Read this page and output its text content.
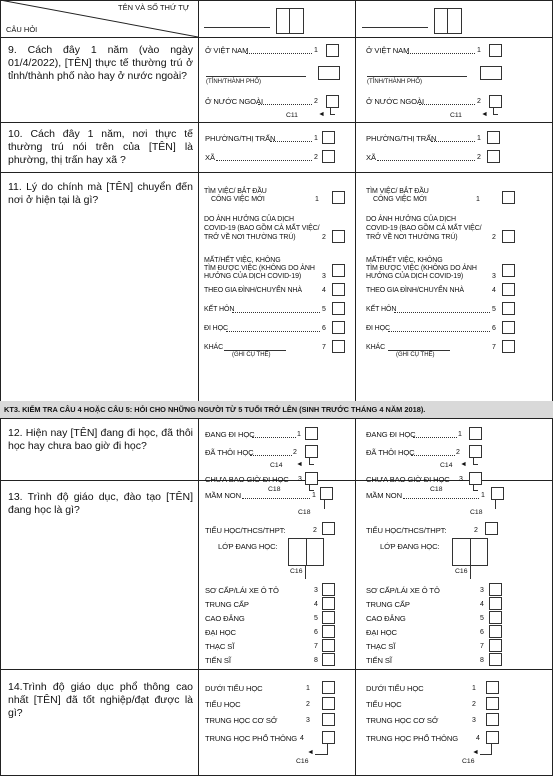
TÊN VÀ SỐ THỨ TỰ
CÂU HỎI
9. Cách đây 1 năm (vào ngày 01/4/2022), [TÊN] thực tế thường trú ở tỉnh/thành phố nào hay ở nước ngoài?
Ở VIỆT NAM	1
(TỈNH/THÀNH PHỐ)
Ở NƯỚC NGOÀI	2
◄
C11
Ở VIỆT NAM	1
(TỈNH/THÀNH PHỐ)
Ở NƯỚC NGOÀI	2
◄
C11
10. Cách đây 1 năm, nơi thực tế thường trú nói trên của [TÊN] là phường, thị trấn hay xã ?
PHƯỜNG/THỊ TRẤN	1
XÃ	2
PHƯỜNG/THỊ TRẤN	1
XÃ	2
11. Lý do chính mà [TÊN] chuyển đến nơi ở hiện tại là gì?
TÌM VIỆC/ BẮT ĐẦU
CÔNG VIỆC MỚI	1
DO ẢNH HƯỞNG CỦA DỊCH
COVID-19 (BAO GỒM CẢ MẤT VIỆC/
TRỞ VỀ NƠI THƯỜNG TRÚ)	2
MẤT/HẾT VIỆC, KHÔNG
TÌM ĐƯỢC VIỆC (KHÔNG DO ẢNH
HƯỞNG CỦA DỊCH COVID-19)	3
THEO GIA ĐÌNH/CHUYỂN NHÀ	4
KẾT HÔN	5
ĐI HỌC	6
KHÁC
(GHI CỤ THỂ)
7
TÌM VIỆC/ BẮT ĐẦU
CÔNG VIỆC MỚI	1
DO ẢNH HƯỞNG CỦA DỊCH
COVID-19 (BAO GỒM CẢ MẤT VIỆC/
TRỞ VỀ NƠI THƯỜNG TRÚ)	2
MẤT/HẾT VIỆC, KHÔNG
TÌM ĐƯỢC VIỆC (KHÔNG DO ẢNH
HƯỞNG CỦA DỊCH COVID-19)	3
THEO GIA ĐÌNH/CHUYỂN NHÀ	4
KẾT HÔN	5
ĐI HỌC	6
KHÁC
(GHI CỤ THỂ)
7
KT3. KIỂM TRA CÂU 4 HOẶC CÂU 5: HỎI CHO NHỮNG NGƯỜI TỪ 5 TUỔI TRỞ LÊN (SINH TRƯỚC THÁNG 4 NĂM 2018).
12. Hiện nay [TÊN] đang đi học, đã thôi học hay chưa bao giờ đi học?
ĐANG ĐI HỌC	1
ĐÃ THÔI HỌC	2
◄
C14
CHƯA BAO GIỜ ĐI HỌC 3
C18
ĐANG ĐI HỌC	1
ĐÃ THÔI HỌC	2
◄
C14
CHƯA BAO GIỜ ĐI HỌC 3
C18
13. Trình độ giáo dục, đào tạo [TÊN] đang học là gì?
MẦM NON	1
C18
TIỂU HỌC/THCS/THPT:	2
LỚP ĐANG HỌC:
C16
SƠ CẤP/LÁI XE Ô TÔ	3
TRUNG CẤP	4
CAO ĐẲNG	5
ĐẠI HỌC	6
THẠC SĨ	7
TIẾN SĨ	8
MẦM NON	1
C18
TIỂU HỌC/THCS/THPT:	2
LỚP ĐANG HỌC:
C16
SƠ CẤP/LÁI XE Ô TÔ	3
TRUNG CẤP	4
CAO ĐẲNG	5
ĐẠI HỌC	6
THẠC SĨ	7
TIẾN SĨ	8
14.Trình độ giáo dục phổ thông cao nhất [TÊN] đã tốt nghiệp/đạt được là gì?
DƯỚI TIỂU HỌC	1
TIỂU HỌC	2
TRUNG HỌC CƠ SỞ	3
TRUNG HỌC PHỔ THÔNG 4
◄
C16
DƯỚI TIỂU HỌC	1
TIỂU HỌC	2
TRUNG HỌC CƠ SỞ	3
TRUNG HỌC PHỔ THÔNG	4
◄
C16
